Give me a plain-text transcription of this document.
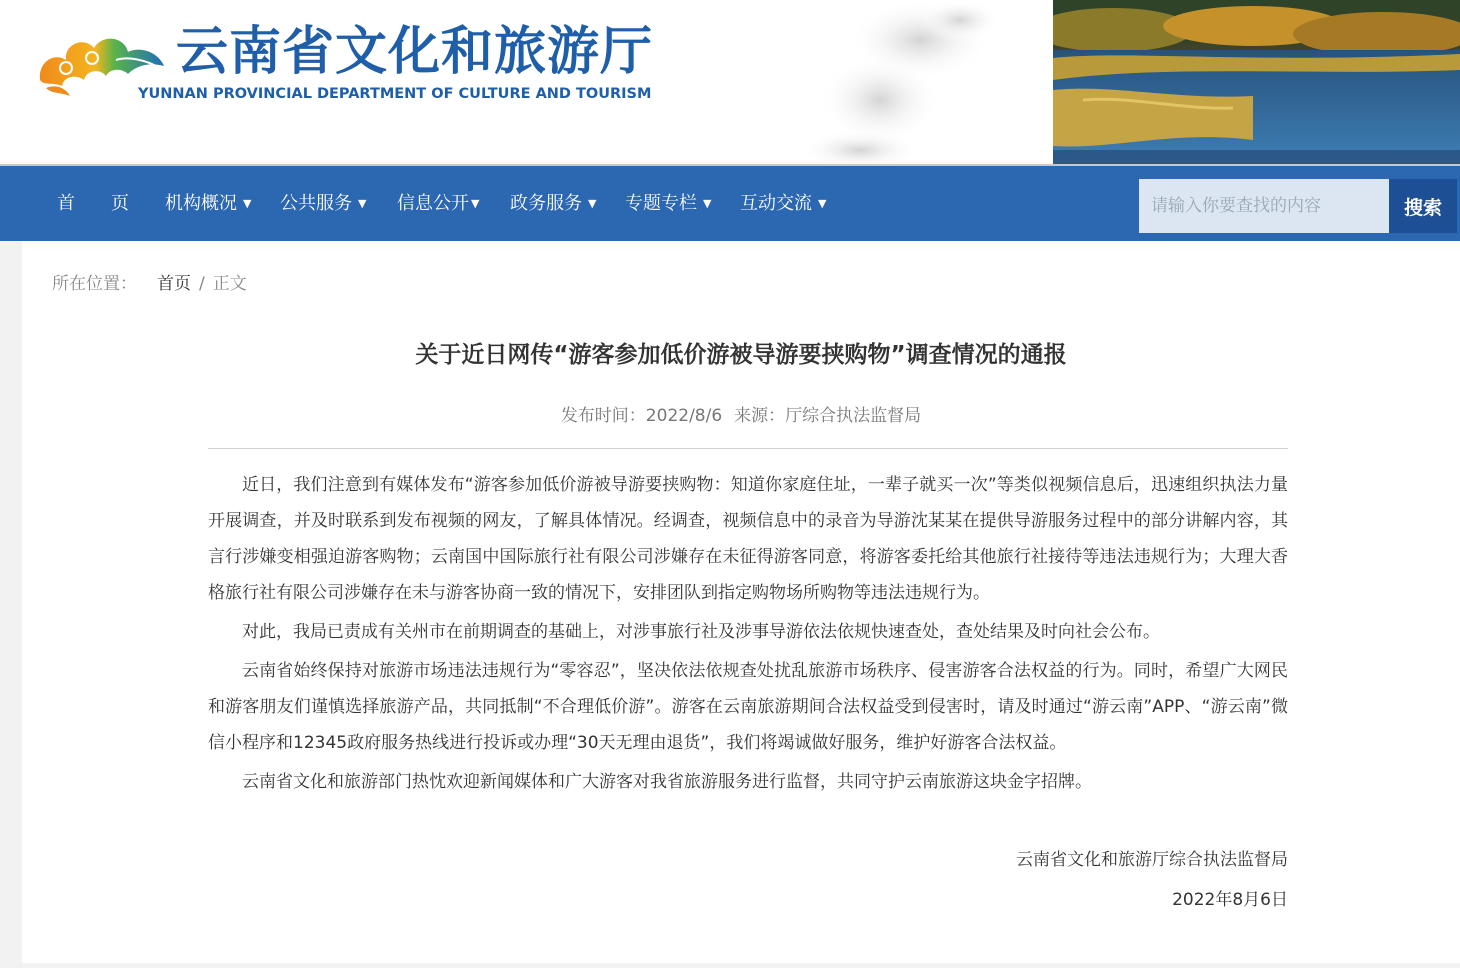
云南省文化和旅游厅
YUNNAN PROVINCIAL DEPARTMENT OF CULTURE AND TOURISM
首　　页 机构概况 ▼ 公共服务 ▼ 信息公开 ▼ 政务服务 ▼ 专题专栏 ▼ 互动交流 ▼
请输入你要查找的内容	搜索
所在位置： 首页 / 正文
关于近日网传“游客参加低价游被导游要挟购物”调查情况的通报
发布时间：2022/8/6 来源：厅综合执法监督局

近日，我们注意到有媒体发布“游客参加低价游被导游要挟购物：知道你家庭住址，一辈子就买一次”等类似视频信息后，迅速组织执法力量开展调查，并及时联系到发布视频的网友，了解具体情况。经调查，视频信息中的录音为导游沈某某在提供导游服务过程中的部分讲解内容，其言行涉嫌变相强迫游客购物；云南国中国际旅行社有限公司涉嫌存在未征得游客同意，将游客委托给其他旅行社接待等违法违规行为；大理大香格旅行社有限公司涉嫌存在未与游客协商一致的情况下，安排团队到指定购物场所购物等违法违规行为。

对此，我局已责成有关州市在前期调查的基础上，对涉事旅行社及涉事导游依法依规快速查处，查处结果及时向社会公布。

云南省始终保持对旅游市场违法违规行为“零容忍”，坚决依法依规查处扰乱旅游市场秩序、侵害游客合法权益的行为。同时，希望广大网民和游客朋友们谨慎选择旅游产品，共同抵制“不合理低价游”。游客在云南旅游期间合法权益受到侵害时，请及时通过“游云南”APP、“游云南”微信小程序和12345政府服务热线进行投诉或办理“30天无理由退货”，我们将竭诚做好服务，维护好游客合法权益。

云南省文化和旅游部门热忱欢迎新闻媒体和广大游客对我省旅游服务进行监督，共同守护云南旅游这块金字招牌。

云南省文化和旅游厅综合执法监督局
2022年8月6日
